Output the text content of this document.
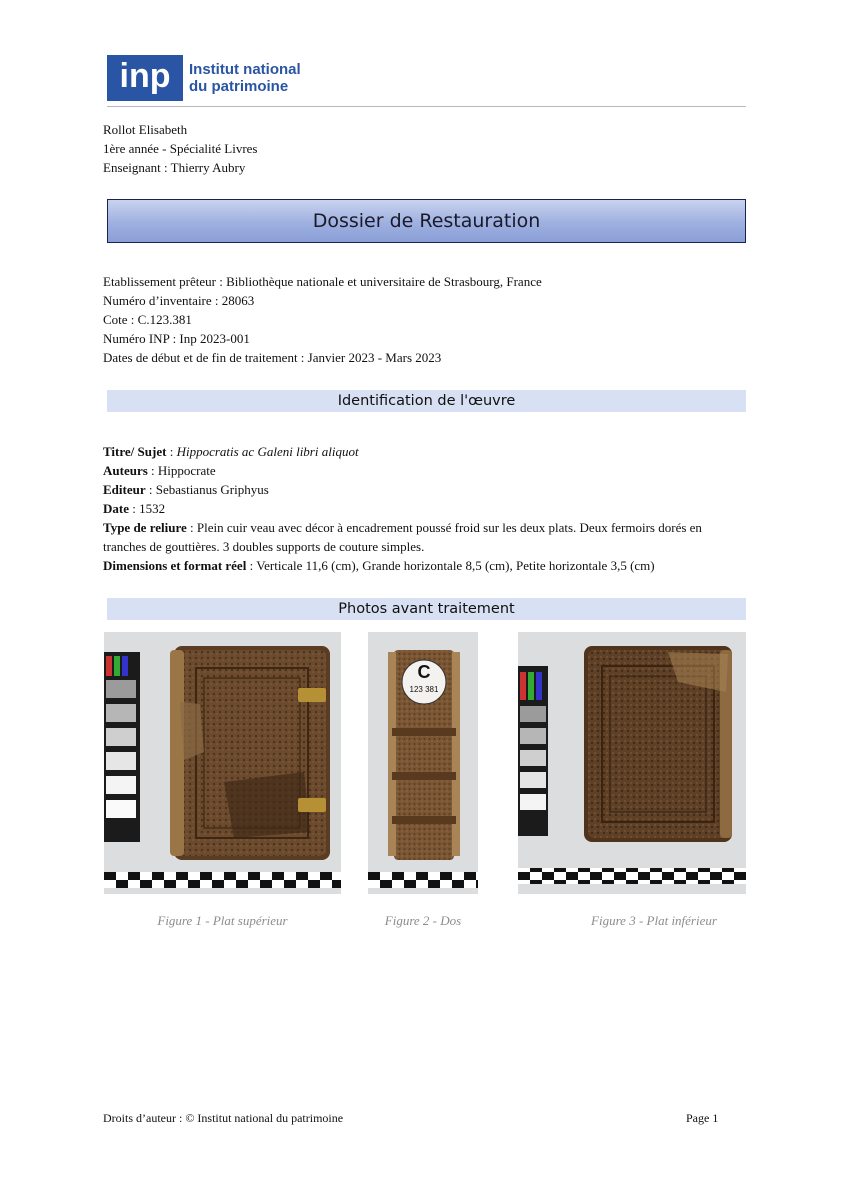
inp	Institut national
du patrimoine
Rollot Elisabeth
1ère année - Spécialité Livres
Enseignant : Thierry Aubry
Dossier de Restauration
Etablissement prêteur : Bibliothèque nationale et universitaire de Strasbourg, France
Numéro d’inventaire : 28063
Cote : C.123.381
Numéro INP : Inp 2023-001
Dates de début et de fin de traitement : Janvier 2023 - Mars 2023
Identification de l'œuvre
Titre/ Sujet : Hippocratis ac Galeni libri aliquot
Auteurs : Hippocrate
Editeur : Sebastianus Griphyus
Date : 1532
Type de reliure : Plein cuir veau avec décor à encadrement poussé froid sur les deux plats. Deux fermoirs dorés en tranches de gouttières. 3 doubles supports de couture simples.
Dimensions et format réel : Verticale 11,6 (cm), Grande horizontale 8,5 (cm), Petite horizontale 3,5 (cm)
Photos avant traitement
C
123 381
Figure 1 - Plat supérieur	Figure 2 - Dos	Figure 3 - Plat inférieur
Droits d’auteur : © Institut national du patrimoine	Page 1
